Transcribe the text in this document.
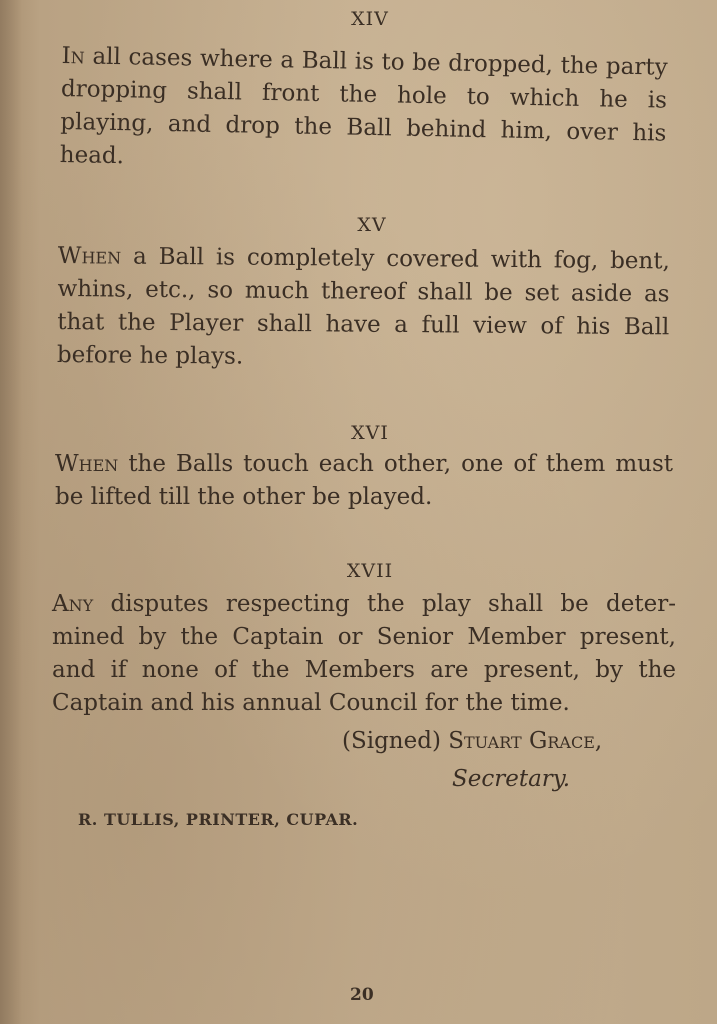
XIV
In all cases where a Ball is to be dropped, the party
dropping shall front the hole to which he is
playing, and drop the Ball behind him, over his
head.
XV
When a Ball is completely covered with fog, bent,
whins, etc., so much thereof shall be set aside as
that the Player shall have a full view of his Ball
before he plays.
XVI
When the Balls touch each other, one of them must
be lifted till the other be played.
XVII
Any disputes respecting the play shall be deter-
mined by the Captain or Senior Member present,
and if none of the Members are present, by the
Captain and his annual Council for the time.
(Signed) Stuart Grace,
Secretary.
R. TULLIS, PRINTER, CUPAR.
20
